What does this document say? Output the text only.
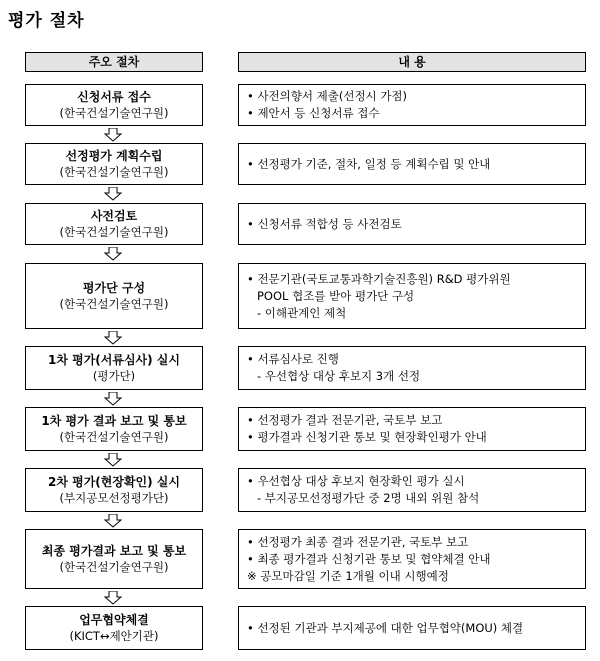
평가 절차
주오 절차	내 용
신청서류 접수
(한국건설기술연구원)
• 사전의향서 제출(선정시 가점)
• 제안서 등 신청서류 접수
선정평가 계획수립
(한국건설기술연구원)
• 선정평가 기준, 절차, 일정 등 계획수립 및 안내
사전검토
(한국건설기술연구원)
• 신청서류 적합성 등 사전검토
평가단 구성
(한국건설기술연구원)
• 전문기관(국토교통과학기술진흥원) R&D 평가위원
POOL 협조를 받아 평가단 구성
- 이해관계인 제척
1차 평가(서류심사) 실시
(평가단)
• 서류심사로 진행
- 우선협상 대상 후보지 3개 선정
1차 평가 결과 보고 및 통보
(한국건설기술연구원)
• 선정평가 결과 전문기관, 국토부 보고
• 평가결과 신청기관 통보 및 현장확인평가 안내
2차 평가(현장확인) 실시
(부지공모선정평가단)
• 우선협상 대상 후보지 현장확인 평가 실시
- 부지공모선정평가단 중 2명 내외 위원 참석
최종 평가결과 보고 및 통보
(한국건설기술연구원)
• 선정평가 최종 결과 전문기관, 국토부 보고
• 최종 평가결과 신청기관 통보 및 협약체결 안내
※ 공모마감일 기준 1개월 이내 시행예정
업무협약체결
(KICT↔제안기관)
• 선정된 기관과 부지제공에 대한 업무협약(MOU) 체결
